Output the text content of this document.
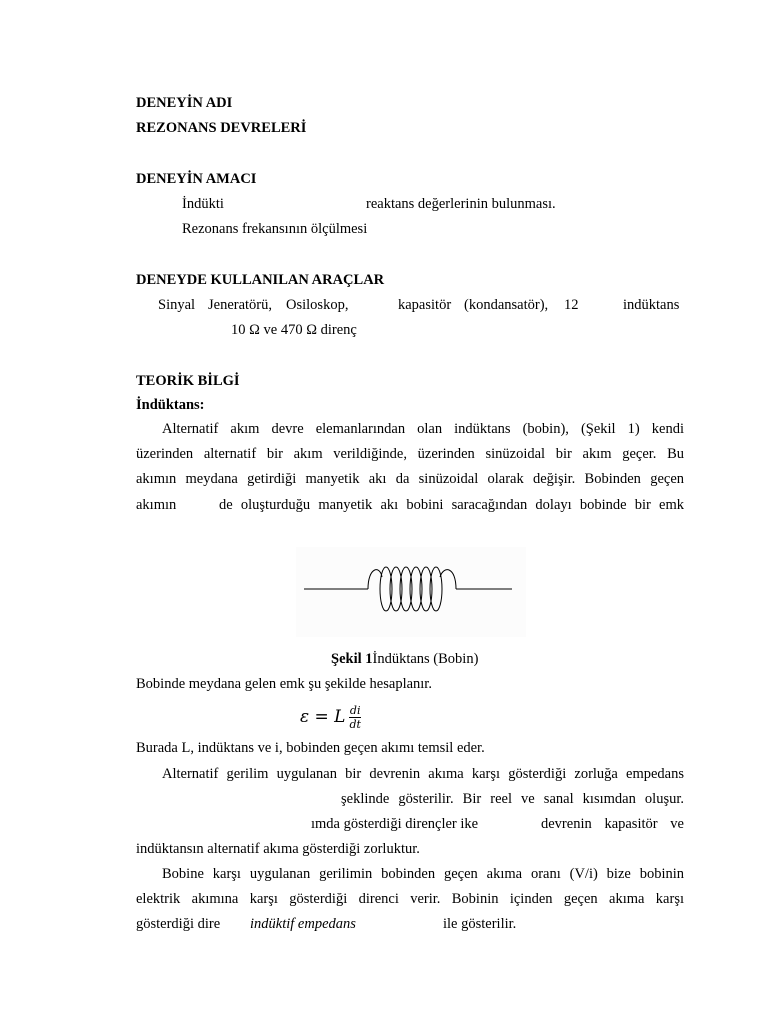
DENEYİN ADI
REZONANS DEVRELERİ
DENEYİN AMACI
İndükti	reaktans değerlerinin bulunması.
Rezonans frekansının ölçülmesi
DENEYDE KULLANILAN ARAÇLAR
Sinyal Jeneratörü, Osiloskop,	kapasitör (kondansatör), 12	indüktans
10 Ω ve 470 Ω direnç
TEORİK BİLGİ
İndüktans:
Alternatif akım devre elemanlarından olan indüktans (bobin), (Şekil 1) kendi
üzerinden alternatif bir akım verildiğinde, üzerinden sinüzoidal bir akım geçer. Bu
akımın meydana getirdiği manyetik akı da sinüzoidal olarak değişir. Bobinden geçen
akımın	de oluşturduğu manyetik akı bobini saracağından dolayı bobinde bir emk
Şekil 1İndüktans (Bobin)
Bobinde meydana gelen emk şu şekilde hesaplanır.
ε = L $\frac{di}{dt}$
Burada L, indüktans ve i, bobinden geçen akımı temsil eder.
Alternatif gerilim uygulanan bir devrenin akıma karşı gösterdiği zorluğa empedans
şeklinde gösterilir. Bir reel ve sanal kısımdan oluşur.
ımda gösterdiği dirençler ike	devrenin kapasitör ve
indüktansın alternatif akıma gösterdiği zorluktur.
Bobine karşı uygulanan gerilimin bobinden geçen akıma oranı (V/i) bize bobinin
elektrik akımına karşı gösterdiği direnci verir. Bobinin içinden geçen akıma karşı
gösterdiği dire indüktif empedans	ile gösterilir.
